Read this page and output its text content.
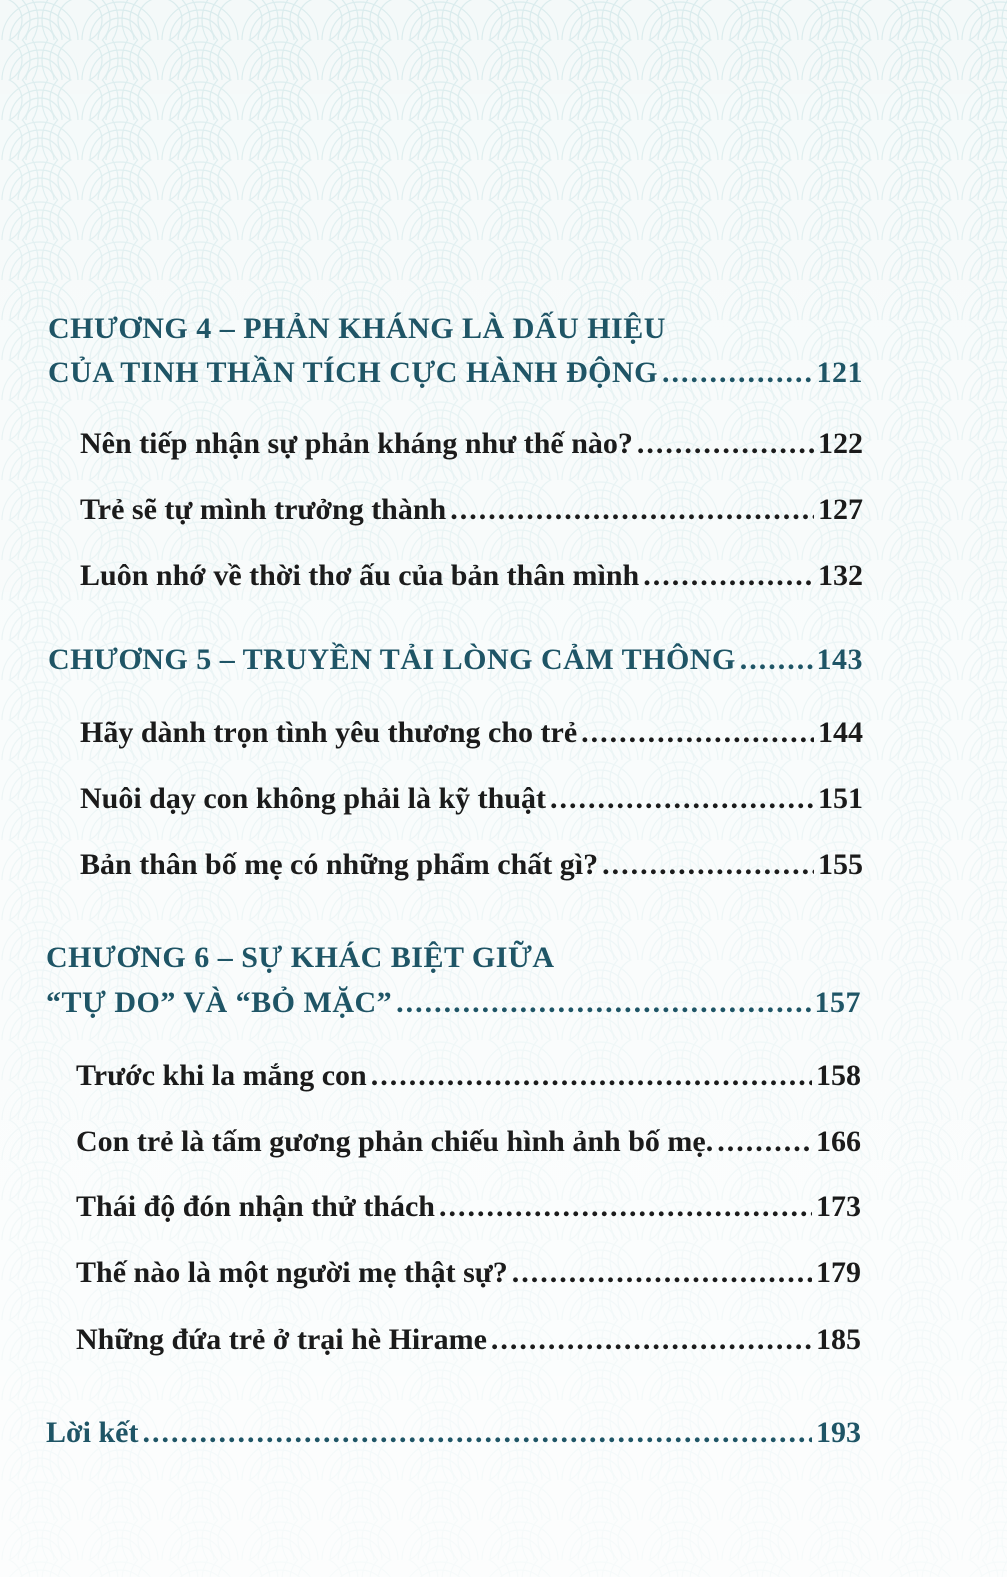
CHƯƠNG 4 – PHẢN KHÁNG LÀ DẤU HIỆU
CỦA TINH THẦN TÍCH CỰC HÀNH ĐỘNG .....	121
Nên tiếp nhận sự phản kháng như thế nào? .....	122
Trẻ sẽ tự mình trưởng thành .....	127
Luôn nhớ về thời thơ ấu của bản thân mình .....	132
CHƯƠNG 5 – TRUYỀN TẢI LÒNG CẢM THÔNG .....	143
Hãy dành trọn tình yêu thương cho trẻ .....	144
Nuôi dạy con không phải là kỹ thuật .....	151
Bản thân bố mẹ có những phẩm chất gì? .....	155
CHƯƠNG 6 – SỰ KHÁC BIỆT GIỮA
“TỰ DO” VÀ “BỎ MẶC” .....	157
Trước khi la mắng con .....	158
Con trẻ là tấm gương phản chiếu hình ảnh bố mẹ. .....	166
Thái độ đón nhận thử thách .....	173
Thế nào là một người mẹ thật sự? .....	179
Những đứa trẻ ở trại hè Hirame .....	185
Lời kết .....	193
